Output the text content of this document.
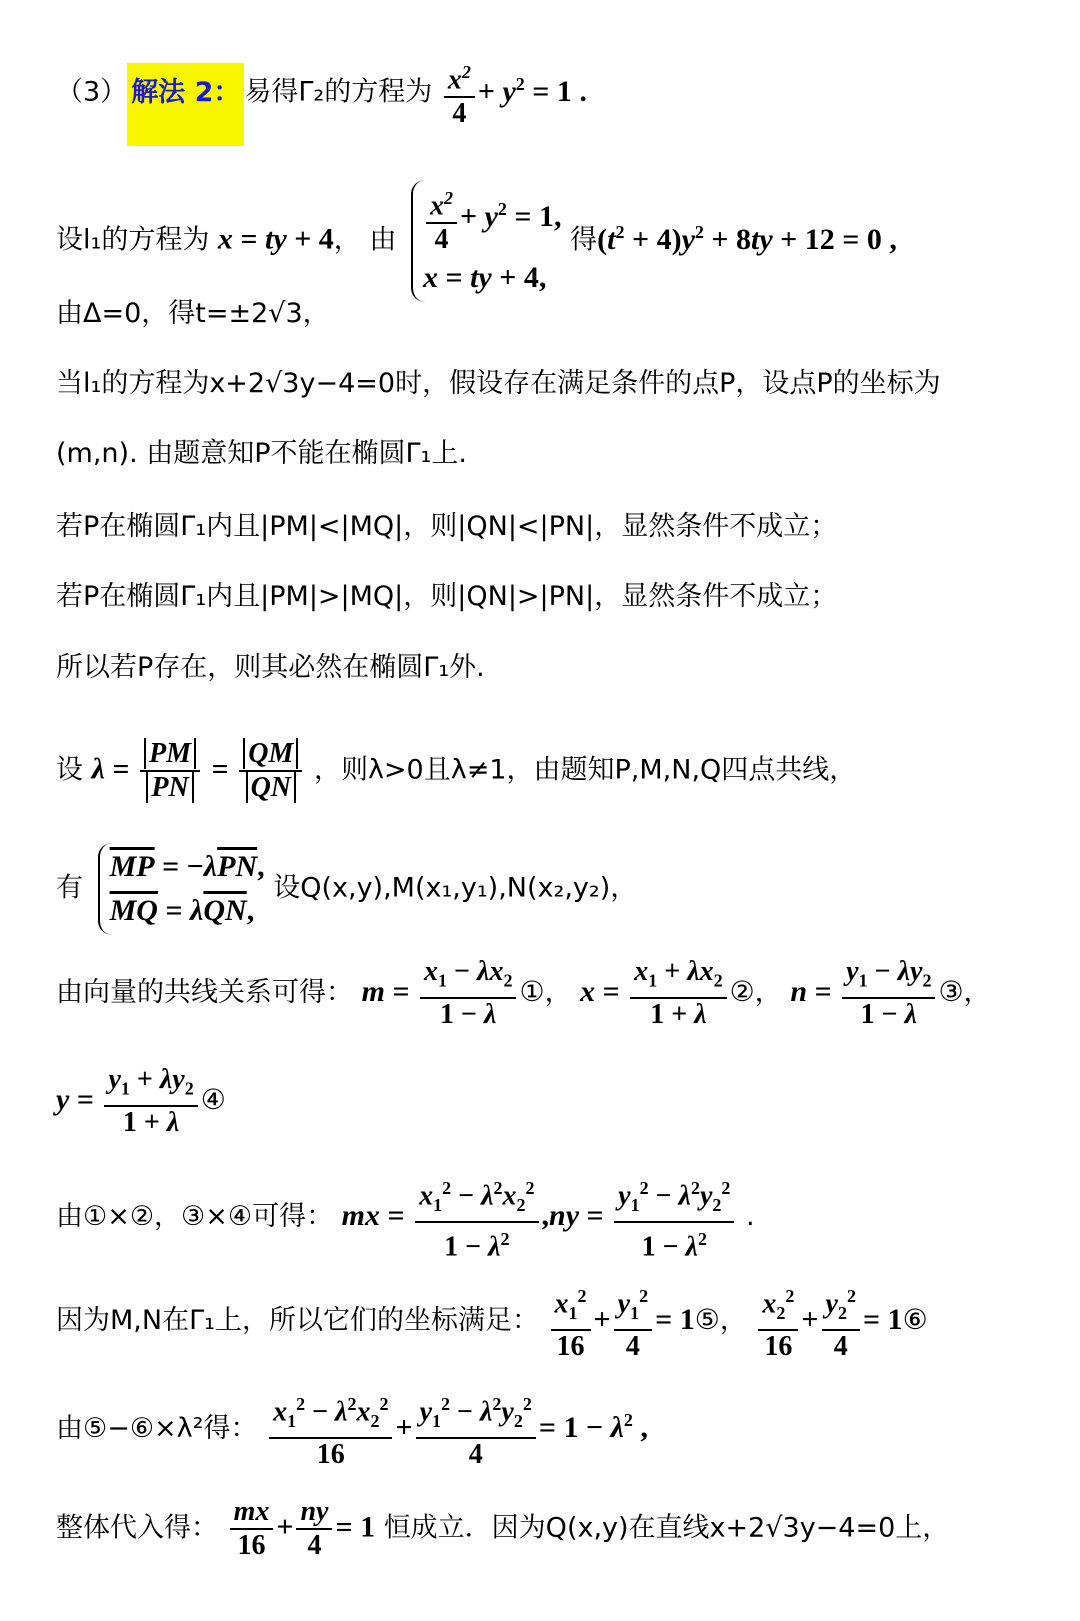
（3） 解法 2： 易得Γ₂的方程为 $\frac{x^2}{4} + y^2 = 1$ .
设l₁的方程为 x = ty + 4， 由 $\frac{x^2}{4} + y^2 = 1$,
x = ty + 4,
得$(t^2 + 4)y^2 + 8ty + 12 = 0$ ,
由Δ=0，得t=±2√3，
当l₁的方程为x+2√3y−4=0时，假设存在满足条件的点P，设点P的坐标为
(m,n). 由题意知P不能在椭圆Γ₁上.
若P在椭圆Γ₁内且|PM|<|MQ|，则|QN|<|PN|，显然条件不成立；
若P在椭圆Γ₁内且|PM|>|MQ|，则|QN|>|PN|，显然条件不成立；
所以若P存在，则其必然在椭圆Γ₁外.
设 $\lambda = \frac{PM}{PN} = \frac{QM}{QN}$ ，则λ>0且λ≠1，由题知P,M,N,Q四点共线，
有
$\overline{MP} = -\lambda\overline{PN}$,
$\overline{MQ} = \lambda\overline{QN}$,
设Q(x,y),M(x₁,y₁),N(x₂,y₂)，
由向量的共线关系可得： $m = \frac{x_1 - \lambda x_2}{1 - \lambda}$ ①， $x = \frac{x_1 + \lambda x_2}{1 + \lambda}$ ②， $n = \frac{y_1 - \lambda y_2}{1 - \lambda}$ ③，
$y = \frac{y_1 + \lambda y_2}{1 + \lambda}$ ④
由①×②，③×④可得： mx = $\frac{x_1^2 - \lambda^2x_2^2}{1 - \lambda^2} ,ny = \frac{y_1^2 - \lambda^2y_2^2}{1 - \lambda^2}$ .
因为M,N在Γ₁上，所以它们的坐标满足： $\frac{x_1^2}{16} + \frac{y_1^2}{4}$ = 1⑤， $\frac{x_2^2}{16} + \frac{y_2^2}{4}$ = 1⑥
由⑤−⑥×λ²得： $\frac{x_1^2 - \lambda^2x_2^2}{16} + \frac{y_1^2 - \lambda^2y_2^2}{4} = 1 - \lambda^2$ ,
整体代入得： $\frac{mx}{16} + \frac{ny}{4} = 1$ 恒成立．因为Q(x,y)在直线x+2√3y−4=0上，
